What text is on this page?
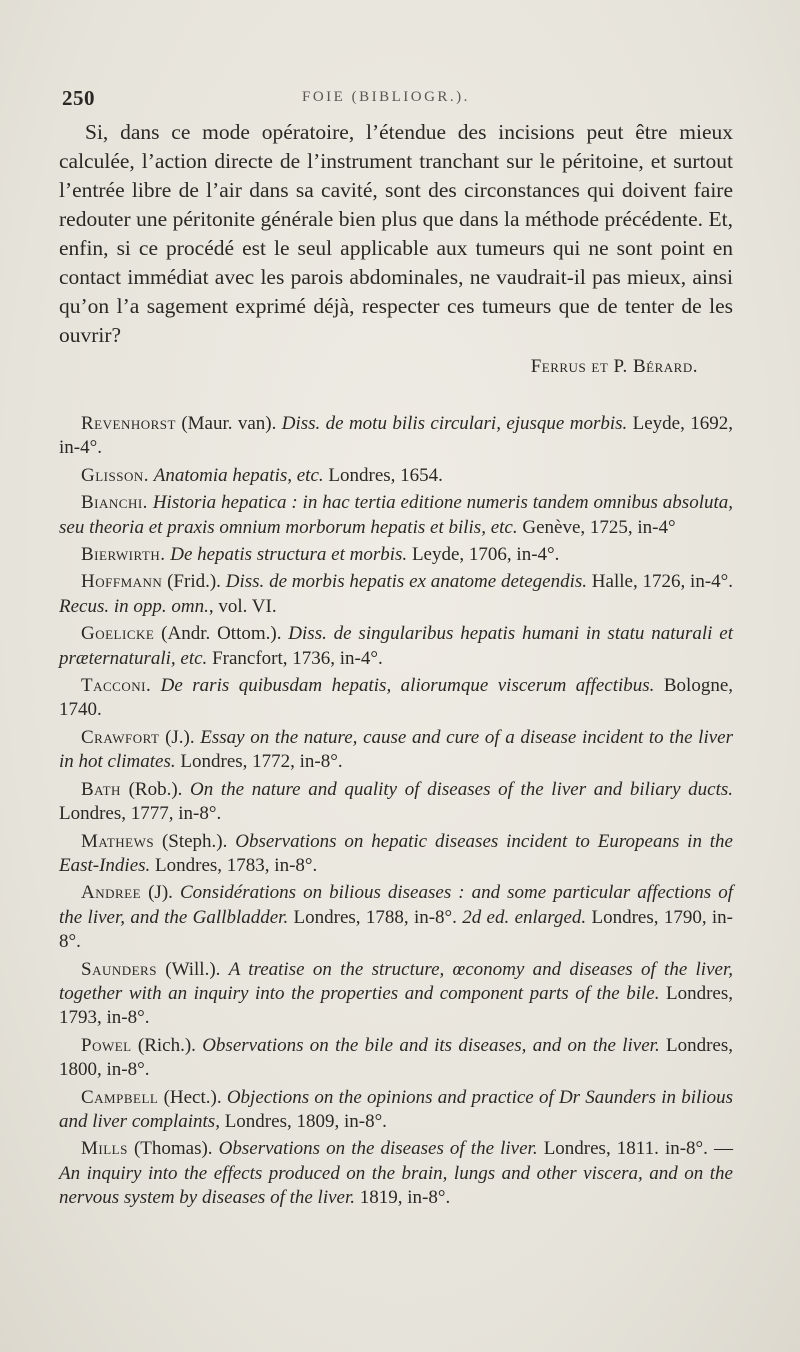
250	FOIE (BIBLIOGR.).

Si, dans ce mode opératoire, l’étendue des incisions peut être mieux calculée, l’action directe de l’instrument tranchant sur le péritoine, et surtout l’entrée libre de l’air dans sa cavité, sont des circonstances qui doivent faire redouter une péritonite générale bien plus que dans la méthode précédente. Et, enfin, si ce procédé est le seul applicable aux tumeurs qui ne sont point en contact immédiat avec les parois abdominales, ne vaudrait-il pas mieux, ainsi qu’on l’a sagement exprimé déjà, respecter ces tumeurs que de tenter de les ouvrir?

Ferrus et P. Bérard.

Revenhorst (Maur. van). Diss. de motu bilis circulari, ejusque morbis. Leyde, 1692, in-4°.

Glisson. Anatomia hepatis, etc. Londres, 1654.

Bianchi. Historia hepatica : in hac tertia editione numeris tandem omnibus absoluta, seu theoria et praxis omnium morborum hepatis et bilis, etc. Genève, 1725, in-4°

Bierwirth. De hepatis structura et morbis. Leyde, 1706, in-4°.

Hoffmann (Frid.). Diss. de morbis hepatis ex anatome detegendis. Halle, 1726, in-4°. Recus. in opp. omn., vol. VI.

Goelicke (Andr. Ottom.). Diss. de singularibus hepatis humani in statu naturali et præternaturali, etc. Francfort, 1736, in-4°.

Tacconi. De raris quibusdam hepatis, aliorumque viscerum affectibus. Bologne, 1740.

Crawfort (J.). Essay on the nature, cause and cure of a disease incident to the liver in hot climates. Londres, 1772, in-8°.

Bath (Rob.). On the nature and quality of diseases of the liver and biliary ducts. Londres, 1777, in-8°.

Mathews (Steph.). Observations on hepatic diseases incident to Europeans in the East-Indies. Londres, 1783, in-8°.

Andree (J). Considérations on bilious diseases : and some particular affections of the liver, and the Gallbladder. Londres, 1788, in-8°. 2d ed. enlarged. Londres, 1790, in-8°.

Saunders (Will.). A treatise on the structure, œconomy and diseases of the liver, together with an inquiry into the properties and component parts of the bile. Londres, 1793, in-8°.

Powel (Rich.). Observations on the bile and its diseases, and on the liver. Londres, 1800, in-8°.

Campbell (Hect.). Objections on the opinions and practice of Dr Saunders in bilious and liver complaints, Londres, 1809, in-8°.

Mills (Thomas). Observations on the diseases of the liver. Londres, 1811. in-8°. — An inquiry into the effects produced on the brain, lungs and other viscera, and on the nervous system by diseases of the liver. 1819, in-8°.
